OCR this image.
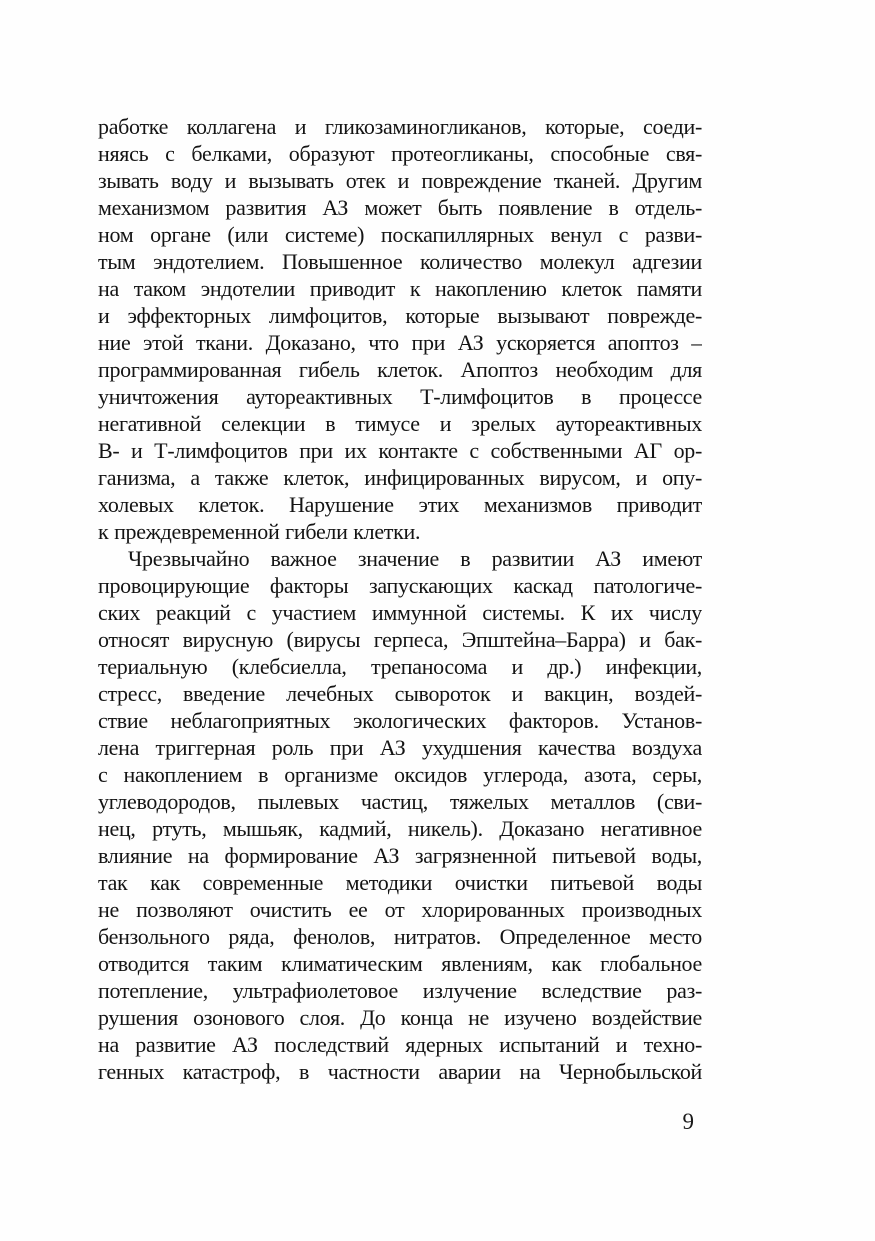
работке коллагена и гликозаминогликанов, которые, соеди-
няясь с белками, образуют протеогликаны, способные свя-
зывать воду и вызывать отек и повреждение тканей. Другим
механизмом развития АЗ может быть появление в отдель-
ном органе (или системе) поскапиллярных венул с разви-
тым эндотелием. Повышенное количество молекул адгезии
на таком эндотелии приводит к накоплению клеток памяти
и эффекторных лимфоцитов, которые вызывают поврежде-
ние этой ткани. Доказано, что при АЗ ускоряется апоптоз –
программированная гибель клеток. Апоптоз необходим для
уничтожения аутореактивных Т-лимфоцитов в процессе
негативной селекции в тимусе и зрелых аутореактивных
В- и Т-лимфоцитов при их контакте с собственными АГ ор-
ганизма, а также клеток, инфицированных вирусом, и опу-
холевых клеток. Нарушение этих механизмов приводит
к преждевременной гибели клетки.
Чрезвычайно важное значение в развитии АЗ имеют
провоцирующие факторы запускающих каскад патологиче-
ских реакций с участием иммунной системы. К их числу
относят вирусную (вирусы герпеса, Эпштейна–Барра) и бак-
териальную (клебсиелла, трепаносома и др.) инфекции,
стресс, введение лечебных сывороток и вакцин, воздей-
ствие неблагоприятных экологических факторов. Установ-
лена триггерная роль при АЗ ухудшения качества воздуха
с накоплением в организме оксидов углерода, азота, серы,
углеводородов, пылевых частиц, тяжелых металлов (сви-
нец, ртуть, мышьяк, кадмий, никель). Доказано негативное
влияние на формирование АЗ загрязненной питьевой воды,
так как современные методики очистки питьевой воды
не позволяют очистить ее от хлорированных производных
бензольного ряда, фенолов, нитратов. Определенное место
отводится таким климатическим явлениям, как глобальное
потепление, ультрафиолетовое излучение вследствие раз-
рушения озонового слоя. До конца не изучено воздействие
на развитие АЗ последствий ядерных испытаний и техно-
генных катастроф, в частности аварии на Чернобыльской
9
